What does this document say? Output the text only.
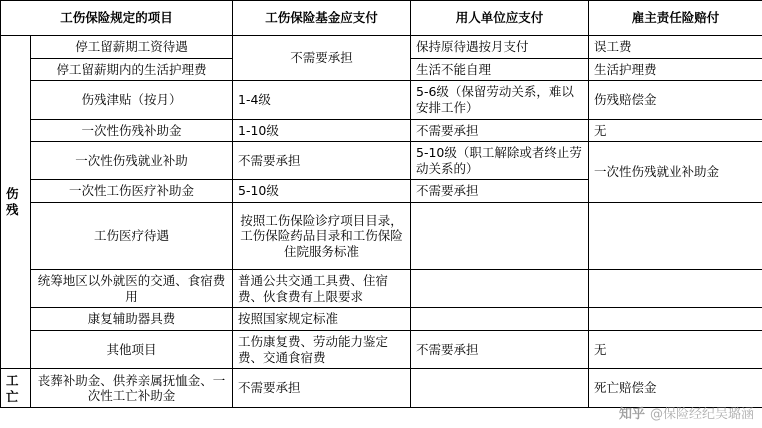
工伤保险规定的项目		工伤保险基金应支付	用人单位应支付	雇主责任险赔付
伤残	停工留薪期工资待遇	不需要承担	保持原待遇按月支付	误工费
	停工留薪期内的生活护理费		生活不能自理	生活护理费
	伤残津贴（按月）	1-4级	5-6级（保留劳动关系，难以安排工作）	伤残赔偿金
	一次性伤残补助金	1-10级	不需要承担	无
	一次性伤残就业补助	不需要承担	5-10级（职工解除或者终止劳动关系的）	一次性伤残就业补助金
	一次性工伤医疗补助金	5-10级	不需要承担	
	工伤医疗待遇	按照工伤保险诊疗项目目录，工伤保险药品目录和工伤保险住院服务标准		
	统筹地区以外就医的交通、食宿费用	普通公共交通工具费、住宿费、伙食费有上限要求		
	康复辅助器具费	按照国家规定标准		
	其他项目	工伤康复费、劳动能力鉴定费、交通食宿费	不需要承担	无
工亡	丧葬补助金、供养亲属抚恤金、一次性工亡补助金	不需要承担		死亡赔偿金
知乎 @保险经纪吴璐涵
